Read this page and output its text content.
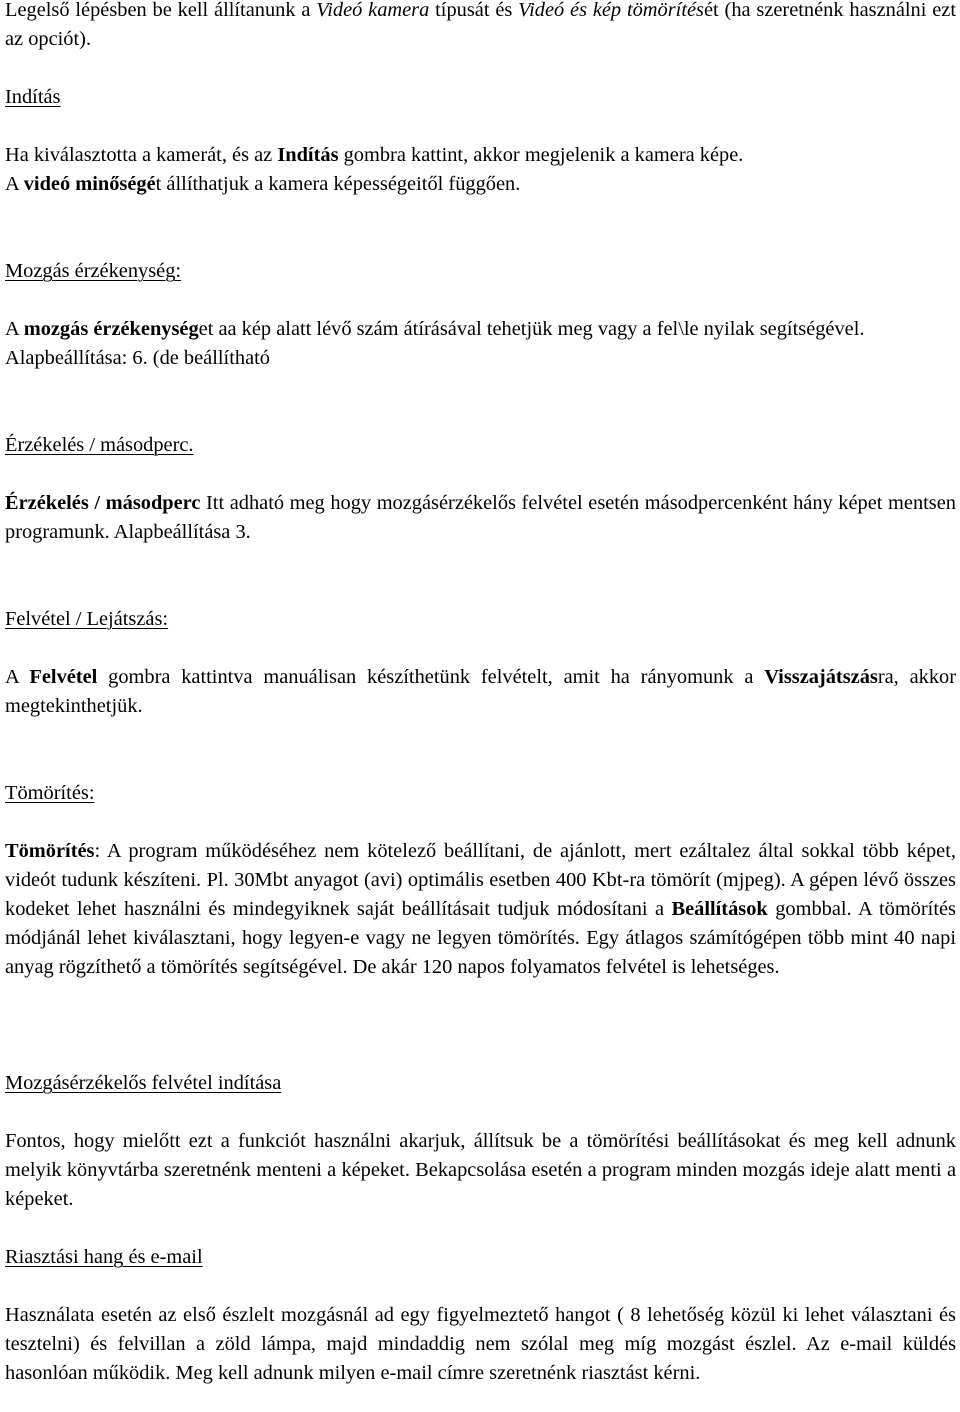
Legelső lépésben be kell állítanunk a Videó kamera típusát és Videó és kép tömörítését (ha szeretnénk használni ezt az opciót).

Indítás

Ha kiválasztotta a kamerát, és az Indítás gombra kattint, akkor megjelenik a kamera képe.
A videó minőségét állíthatjuk a kamera képességeitől függően.

Mozgás érzékenység:

A mozgás érzékenységet aa kép alatt lévő szám átírásával tehetjük meg vagy a fel\le nyilak segítségével.
Alapbeállítása: 6. (de beállítható

Érzékelés / másodperc.

Érzékelés / másodperc Itt adható meg hogy mozgásérzékelős felvétel esetén másodpercenként hány képet mentsen programunk. Alapbeállítása 3.

Felvétel / Lejátszás:

A Felvétel gombra kattintva manuálisan készíthetünk felvételt, amit ha rányomunk a Visszajátszásra, akkor megtekinthetjük.

Tömörítés:

Tömörítés: A program működéséhez nem kötelező beállítani, de ajánlott, mert ezáltalez által sokkal több képet, videót tudunk készíteni. Pl. 30Mbt anyagot (avi) optimális esetben 400 Kbt-ra tömörít (mjpeg). A gépen lévő összes kodeket lehet használni és mindegyiknek saját beállításait tudjuk módosítani a Beállítások gombbal. A tömörítés módjánál lehet kiválasztani, hogy legyen-e vagy ne legyen tömörítés. Egy átlagos számítógépen több mint 40 napi anyag rögzíthető a tömörítés segítségével. De akár 120 napos folyamatos felvétel is lehetséges.

Mozgásérzékelős felvétel indítása

Fontos, hogy mielőtt ezt a funkciót használni akarjuk, állítsuk be a tömörítési beállításokat és meg kell adnunk melyik könyvtárba szeretnénk menteni a képeket. Bekapcsolása esetén a program minden mozgás ideje alatt menti a képeket.

Riasztási hang és e-mail

Használata esetén az első észlelt mozgásnál ad egy figyelmeztető hangot ( 8 lehetőség közül ki lehet választani és tesztelni) és felvillan a zöld lámpa, majd mindaddig nem szólal meg míg mozgást észlel. Az e-mail küldés hasonlóan működik. Meg kell adnunk milyen e-mail címre szeretnénk riasztást kérni.
